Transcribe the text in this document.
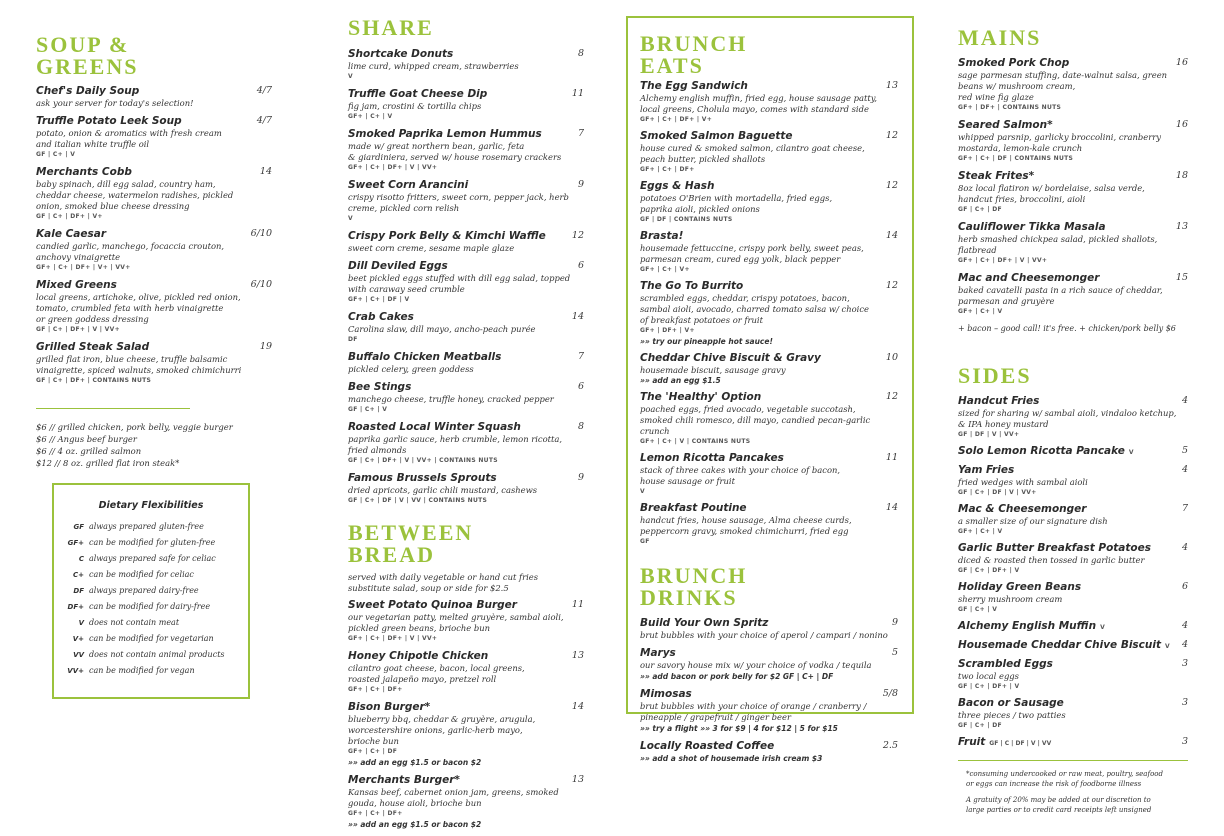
SOUP &
GREENS
Chef's Daily Soup	4/7
ask your server for today's selection!
Truffle Potato Leek Soup	4/7
potato, onion & aromatics with fresh cream
and italian white truffle oil
GF | C+ | V
Merchants Cobb	14
baby spinach, dill egg salad, country ham,
cheddar cheese, watermelon radishes, pickled
onion, smoked blue cheese dressing
GF | C+ | DF+ | V+
Kale Caesar	6/10
candied garlic, manchego, focaccia crouton,
anchovy vinaigrette
GF+ | C+ | DF+ | V+ | VV+
Mixed Greens	6/10
local greens, artichoke, olive, pickled red onion,
tomato, crumbled feta with herb vinaigrette
or green goddess dressing
GF | C+ | DF+ | V | VV+
Grilled Steak Salad	19
grilled flat iron, blue cheese, truffle balsamic
vinaigrette, spiced walnuts, smoked chimichurri
GF | C+ | DF+ | CONTAINS NUTS
$6 // grilled chicken, pork belly, veggie burger
$6 // Angus beef burger
$6 // 4 oz. grilled salmon
$12 // 8 oz. grilled flat iron steak*
Dietary Flexibilities
GF always prepared gluten-free
GF+ can be modified for gluten-free
C always prepared safe for celiac
C+ can be modified for celiac
DF always prepared dairy-free
DF+ can be modified for dairy-free
V does not contain meat
V+ can be modified for vegetarian
VV does not contain animal products
VV+ can be modified for vegan
SHARE
Shortcake Donuts	8
lime curd, whipped cream, strawberries
V
Truffle Goat Cheese Dip	11
fig jam, crostini & tortilla chips
GF+ | C+ | V
Smoked Paprika Lemon Hummus	7
made w/ great northern bean, garlic, feta
& giardiniera, served w/ house rosemary crackers
GF+ | C+ | DF+ | V | VV+
Sweet Corn Arancini	9
crispy risotto fritters, sweet corn, pepper jack, herb
creme, pickled corn relish
V
Crispy Pork Belly & Kimchi Waffle	12
sweet corn creme, sesame maple glaze
Dill Deviled Eggs	6
beet pickled eggs stuffed with dill egg salad, topped
with caraway seed crumble
GF+ | C+ | DF | V
Crab Cakes	14
Carolina slaw, dill mayo, ancho-peach purée
DF
Buffalo Chicken Meatballs	7
pickled celery, green goddess
Bee Stings	6
manchego cheese, truffle honey, cracked pepper
GF | C+ | V
Roasted Local Winter Squash	8
paprika garlic sauce, herb crumble, lemon ricotta,
fried almonds
GF | C+ | DF+ | V | VV+ | CONTAINS NUTS
Famous Brussels Sprouts	9
dried apricots, garlic chili mustard, cashews
GF | C+ | DF | V | VV | CONTAINS NUTS
BETWEEN
BREAD
served with daily vegetable or hand cut fries
substitute salad, soup or side for $2.5
Sweet Potato Quinoa Burger	11
our vegetarian patty, melted gruyère, sambal aioli,
pickled green beans, brioche bun
GF+ | C+ | DF+ | V | VV+
Honey Chipotle Chicken	13
cilantro goat cheese, bacon, local greens,
roasted jalapeño mayo, pretzel roll
GF+ | C+ | DF+
Bison Burger*	14
blueberry bbq, cheddar & gruyère, arugula,
worcestershire onions, garlic-herb mayo,
brioche bun
GF+ | C+ | DF
»» add an egg $1.5 or bacon $2
Merchants Burger*	13
Kansas beef, cabernet onion jam, greens, smoked
gouda, house aioli, brioche bun
GF+ | C+ | DF+
»» add an egg $1.5 or bacon $2
BRUNCH
EATS
The Egg Sandwich	13
Alchemy english muffin, fried egg, house sausage patty,
local greens, Cholula mayo, comes with standard side
GF+ | C+ | DF+ | V+
Smoked Salmon Baguette	12
house cured & smoked salmon, cilantro goat cheese,
peach butter, pickled shallots
GF+ | C+ | DF+
Eggs & Hash	12
potatoes O'Brien with mortadella, fried eggs,
paprika aioli, pickled onions
GF | DF | CONTAINS NUTS
Brasta!	14
housemade fettuccine, crispy pork belly, sweet peas,
parmesan cream, cured egg yolk, black pepper
GF+ | C+ | V+
The Go To Burrito	12
scrambled eggs, cheddar, crispy potatoes, bacon,
sambal aioli, avocado, charred tomato salsa w/ choice
of breakfast potatoes or fruit
GF+ | DF+ | V+
»» try our pineapple hot sauce!
Cheddar Chive Biscuit & Gravy	10
housemade biscuit, sausage gravy
»» add an egg $1.5
The 'Healthy' Option	12
poached eggs, fried avocado, vegetable succotash,
smoked chili romesco, dill mayo, candied pecan-garlic
crunch
GF+ | C+ | V | CONTAINS NUTS
Lemon Ricotta Pancakes	11
stack of three cakes with your choice of bacon,
house sausage or fruit
V
Breakfast Poutine	14
handcut fries, house sausage, Alma cheese curds,
peppercorn gravy, smoked chimichurri, fried egg
GF
BRUNCH
DRINKS
Build Your Own Spritz	9
brut bubbles with your choice of aperol / campari / nonino
Marys	5
our savory house mix w/ your choice of vodka / tequila
»» add bacon or pork belly for $2 GF | C+ | DF
Mimosas	5/8
brut bubbles with your choice of orange / cranberry /
pineapple / grapefruit / ginger beer
»» try a flight »» 3 for $9 | 4 for $12 | 5 for $15
Locally Roasted Coffee	2.5
»» add a shot of housemade irish cream $3
MAINS
Smoked Pork Chop	16
sage parmesan stuffing, date-walnut salsa, green
beans w/ mushroom cream,
red wine fig glaze
GF+ | DF+ | CONTAINS NUTS
Seared Salmon*	16
whipped parsnip, garlicky broccolini, cranberry
mostarda, lemon-kale crunch
GF+ | C+ | DF | CONTAINS NUTS
Steak Frites*	18
8oz local flatiron w/ bordelaise, salsa verde,
handcut fries, broccolini, aioli
GF | C+ | DF
Cauliflower Tikka Masala	13
herb smashed chickpea salad, pickled shallots,
flatbread
GF+ | C+ | DF+ | V | VV+
Mac and Cheesemonger	15
baked cavatelli pasta in a rich sauce of cheddar,
parmesan and gruyère
GF+ | C+ | V
+ bacon – good call! it's free. + chicken/pork belly $6
SIDES
Handcut Fries	4
sized for sharing w/ sambal aioli, vindaloo ketchup,
& IPA honey mustard
GF | DF | V | VV+
Solo Lemon Ricotta Pancake V	5
Yam Fries	4
fried wedges with sambal aioli
GF | C+ | DF | V | VV+
Mac & Cheesemonger	7
a smaller size of our signature dish
GF+ | C+ | V
Garlic Butter Breakfast Potatoes	4
diced & roasted then tossed in garlic butter
GF | C+ | DF+ | V
Holiday Green Beans	6
sherry mushroom cream
GF | C+ | V
Alchemy English Muffin V	4
Housemade Cheddar Chive Biscuit V	4
Scrambled Eggs	3
two local eggs
GF | C+ | DF+ | V
Bacon or Sausage	3
three pieces / two patties
GF | C+ | DF
Fruit GF | C | DF | V | VV	3
*consuming undercooked or raw meat, poultry, seafood
or eggs can increase the risk of foodborne illness
A gratuity of 20% may be added at our discretion to
large parties or to credit card receipts left unsigned
